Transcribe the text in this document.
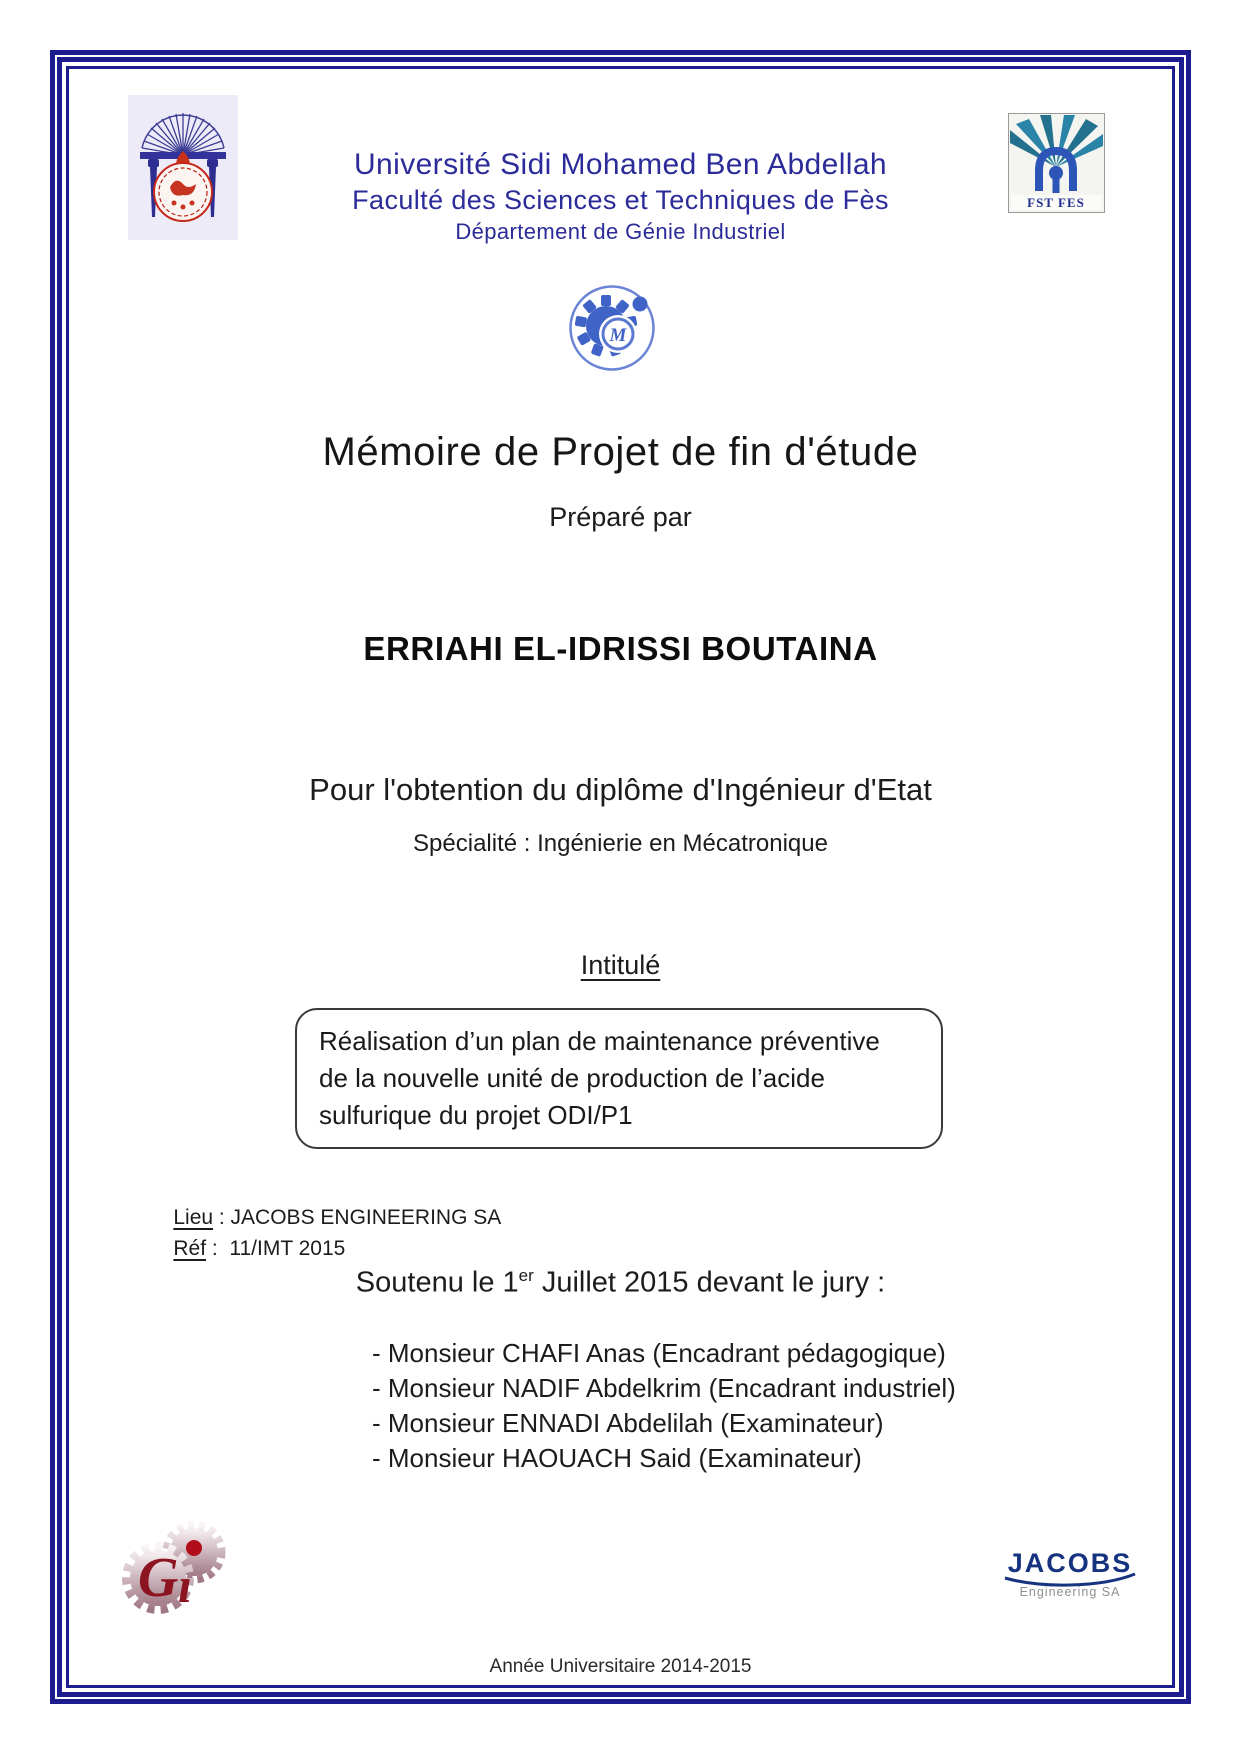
Université Sidi Mohamed Ben Abdellah
Faculté des Sciences et Techniques de Fès
Département de Génie Industriel
FST FES
M
Mémoire de Projet de fin d'étude
Préparé par
ERRIAHI EL-IDRISSI BOUTAINA
Pour l'obtention du diplôme d'Ingénieur d'Etat
Spécialité : Ingénierie en Mécatronique
Intitulé
Réalisation d’un plan de maintenance préventive
de la nouvelle unité de production de l’acide
sulfurique du projet ODI/P1

Lieu : JACOBS ENGINEERING SA

Réf :  11/IMT 2015

Soutenu le 1er Juillet 2015 devant le jury :
- Monsieur CHAFI Anas (Encadrant pédagogique)
- Monsieur NADIF Abdelkrim (Encadrant industriel)
- Monsieur ENNADI Abdelilah (Examinateur)
- Monsieur HAOUACH Said (Examinateur)
G ı	JACOBS
Engineering SA
Année Universitaire 2014-2015
